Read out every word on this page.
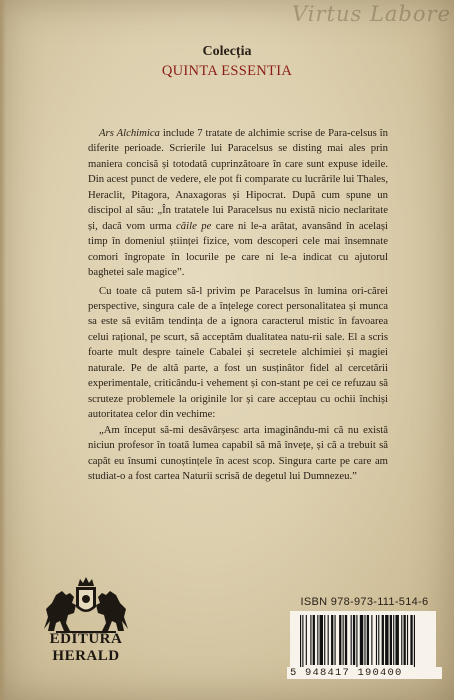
Virtus Labore
Colecția
QUINTA ESSENTIA

Ars Alchimica include 7 tratate de alchimie scrise de Para-celsus în diferite perioade. Scrierile lui Paracelsus se disting mai ales prin maniera concisă și totodată cuprinzătoare în care sunt expuse ideile. Din acest punct de vedere, ele pot fi comparate cu lucrările lui Thales, Heraclit, Pitagora, Anaxagoras și Hipocrat. După cum spune un discipol al său: „În tratatele lui Paracelsus nu există nicio neclaritate și, dacă vom urma căile pe care ni le-a arătat, avansând în același timp în domeniul științei fizice, vom descoperi cele mai însemnate comori îngropate în locurile pe care ni le-a indicat cu ajutorul baghetei sale magice”.

Cu toate că putem să-l privim pe Paracelsus în lumina ori-cărei perspective, singura cale de a înțelege corect personalitatea și munca sa este să evităm tendința de a ignora caracterul mistic în favoarea celui rațional, pe scurt, să acceptăm dualitatea natu-rii sale. El a scris foarte mult despre tainele Cabalei și secretele alchimiei și magiei naturale. Pe de altă parte, a fost un susținător fidel al cercetării experimentale, criticându-i vehement și con-stant pe cei ce refuzau să scruteze problemele la originile lor și care acceptau cu ochii închiși autoritatea celor din vechime:

„Am început să-mi desăvârșesc arta imaginându-mi că nu există niciun profesor în toată lumea capabil să mă învețe, și că a trebuit să capăt eu însumi cunoștințele în acest scop. Singura carte pe care am studiat-o a fost cartea Naturii scrisă de degetul lui Dumnezeu.”

EDITURA
HERALD
ISBN 978-973-111-514-6
5 948417 190400
